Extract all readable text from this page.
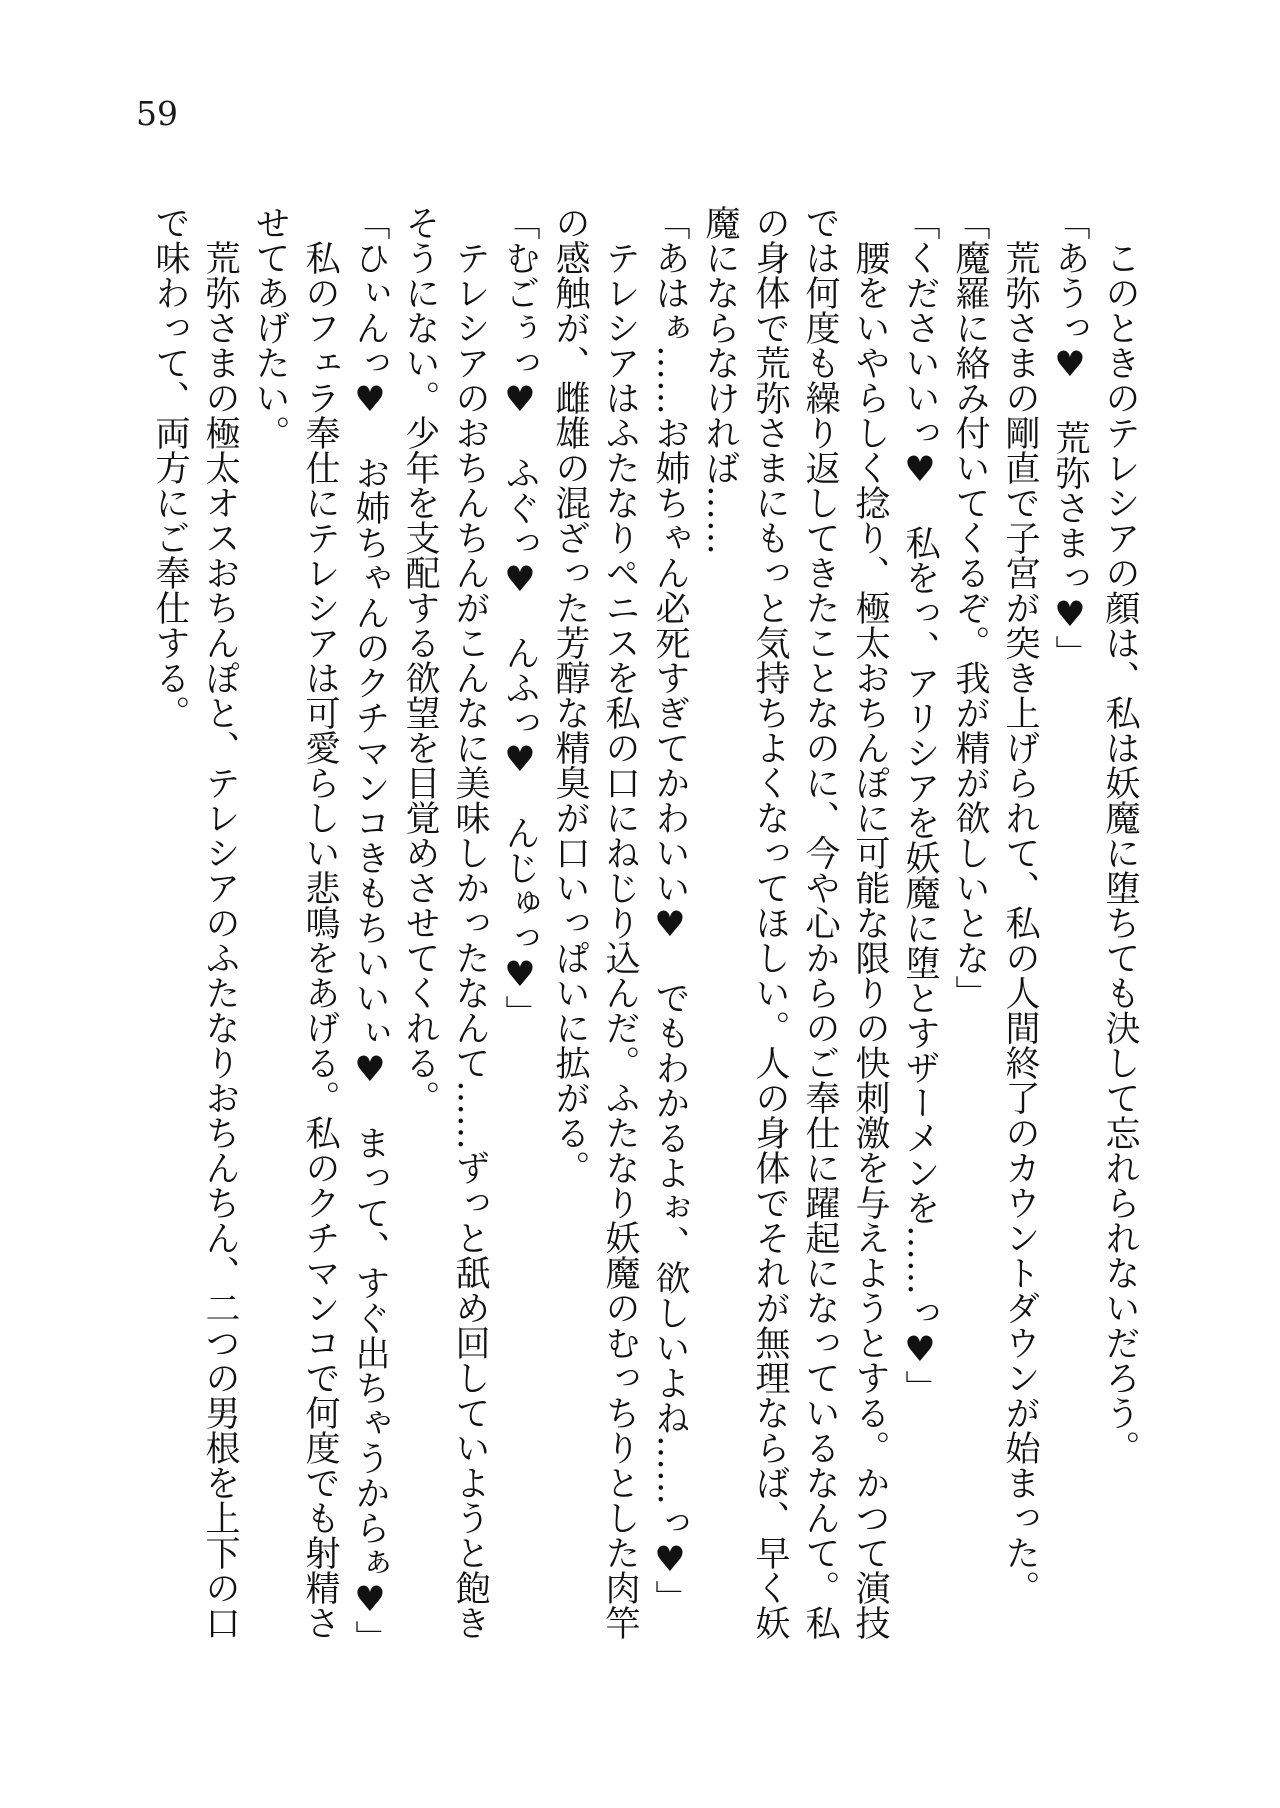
59

このときのテレシアの顔は、私は妖魔に堕ちても決して忘れられないだろう。

「あうっ♥　荒弥さまっ♥」

荒弥さまの剛直で子宮が突き上げられて、私の人間終了のカウントダウンが始まった。

「魔羅に絡み付いてくるぞ。我が精が欲しいとな」

「くださいいっ♥　私をっ、アリシアを妖魔に堕とすザーメンを……っ♥」

腰をいやらしく捻り、極太おちんぽに可能な限りの快刺激を与えようとする。かつて演技では何度も繰り返してきたことなのに、今や心からのご奉仕に躍起になっているなんて。私の身体で荒弥さまにもっと気持ちよくなってほしい。人の身体でそれが無理ならば、早く妖魔にならなければ……

「あはぁ……お姉ちゃん必死すぎてかわいい♥　でもわかるよぉ、欲しいよね……っ♥」

テレシアはふたなりペニスを私の口にねじり込んだ。ふたなり妖魔のむっちりとした肉竿の感触が、雌雄の混ざった芳醇な精臭が口いっぱいに拡がる。

「むごぅっ♥　ふぐっ♥　んふっ♥　んじゅっ♥」

テレシアのおちんちんがこんなに美味しかったなんて……ずっと舐め回していようと飽きそうにない。少年を支配する欲望を目覚めさせてくれる。

「ひぃんっ♥　お姉ちゃんのクチマンコきもちいいぃ♥　まって、すぐ出ちゃうからぁ♥」

私のフェラ奉仕にテレシアは可愛らしい悲鳴をあげる。私のクチマンコで何度でも射精させてあげたい。

荒弥さまの極太オスおちんぽと、テレシアのふたなりおちんちん、二つの男根を上下の口で味わって、両方にご奉仕する。
